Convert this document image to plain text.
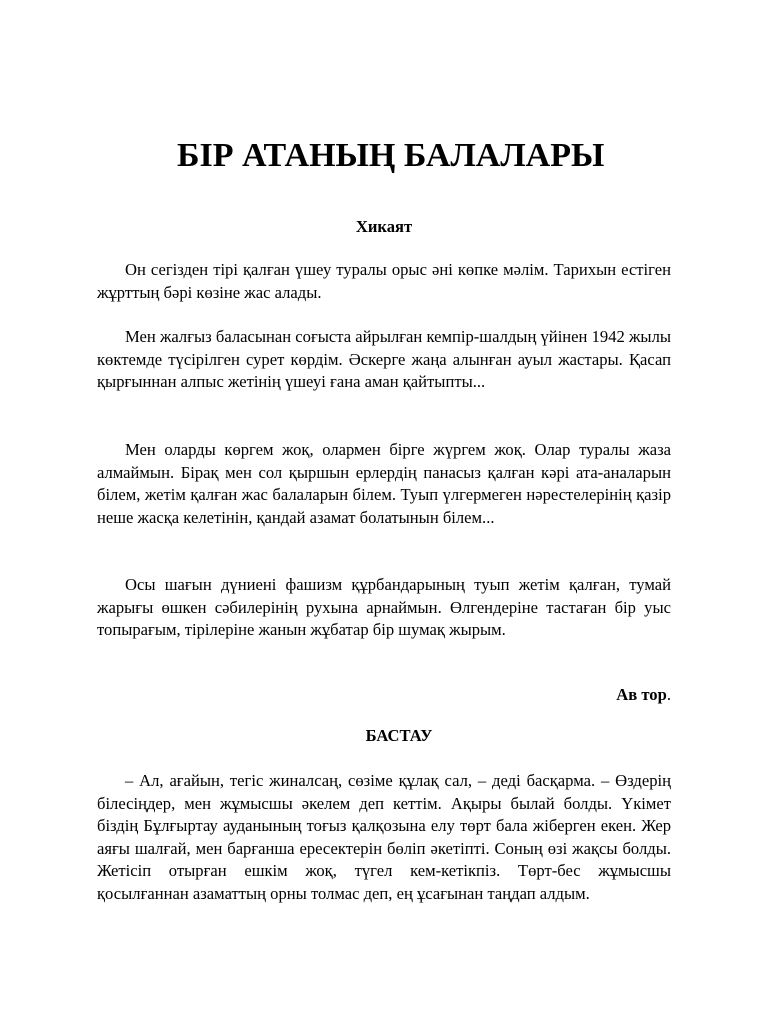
БІР АТАНЫҢ БАЛАЛАРЫ

Хикаят

Он сегізден тірі қалған үшеу туралы орыс әні көпке мәлім. Тарихын естіген жұрттың бәрі көзіне жас алады.

Мен жалғыз баласынан соғыста айрылған кемпір-шалдың үйінен 1942 жылы көктемде түсірілген сурет көрдім. Әскерге жаңа алынған ауыл жастары. Қасап қырғыннан алпыс жетінің үшеуі ғана аман қайтыпты...

Мен оларды көргем жоқ, олармен бірге жүргем жоқ. Олар туралы жаза алмаймын. Бірақ мен сол қыршын ерлердің панасыз қалған кәрі ата-аналарын білем, жетім қалған жас балаларын білем. Туып үлгермеген нәрестелерінің қазір неше жасқа келетінін, қандай азамат болатынын білем...

Осы шағын дүниені фашизм құрбандарының туып жетім қалған, тумай жарығы өшкен сәбилерінің рухына арнаймын. Өлгендеріне тастаған бір уыс топырағым, тірілеріне жанын жұбатар бір шумақ жырым.

Ав тор.

БАСТАУ

– Ал, ағайын, тегіс жиналсаң, сөзіме құлақ сал, – деді басқарма. – Өздерің білесіңдер, мен жұмысшы әкелем деп кеттім. Ақыры былай болды. Үкімет біздің Бұлғыртау ауданының тоғыз қалқозына елу төрт бала жіберген екен. Жер аяғы шалғай, мен барғанша ересектерін бөліп әкетіпті. Соның өзі жақсы болды. Жетісіп отырған ешкім жоқ, түгел кем-кетікпіз. Төрт-бес жұмысшы қосылғаннан азаматтың орны толмас деп, ең ұсағынан таңдап алдым.
